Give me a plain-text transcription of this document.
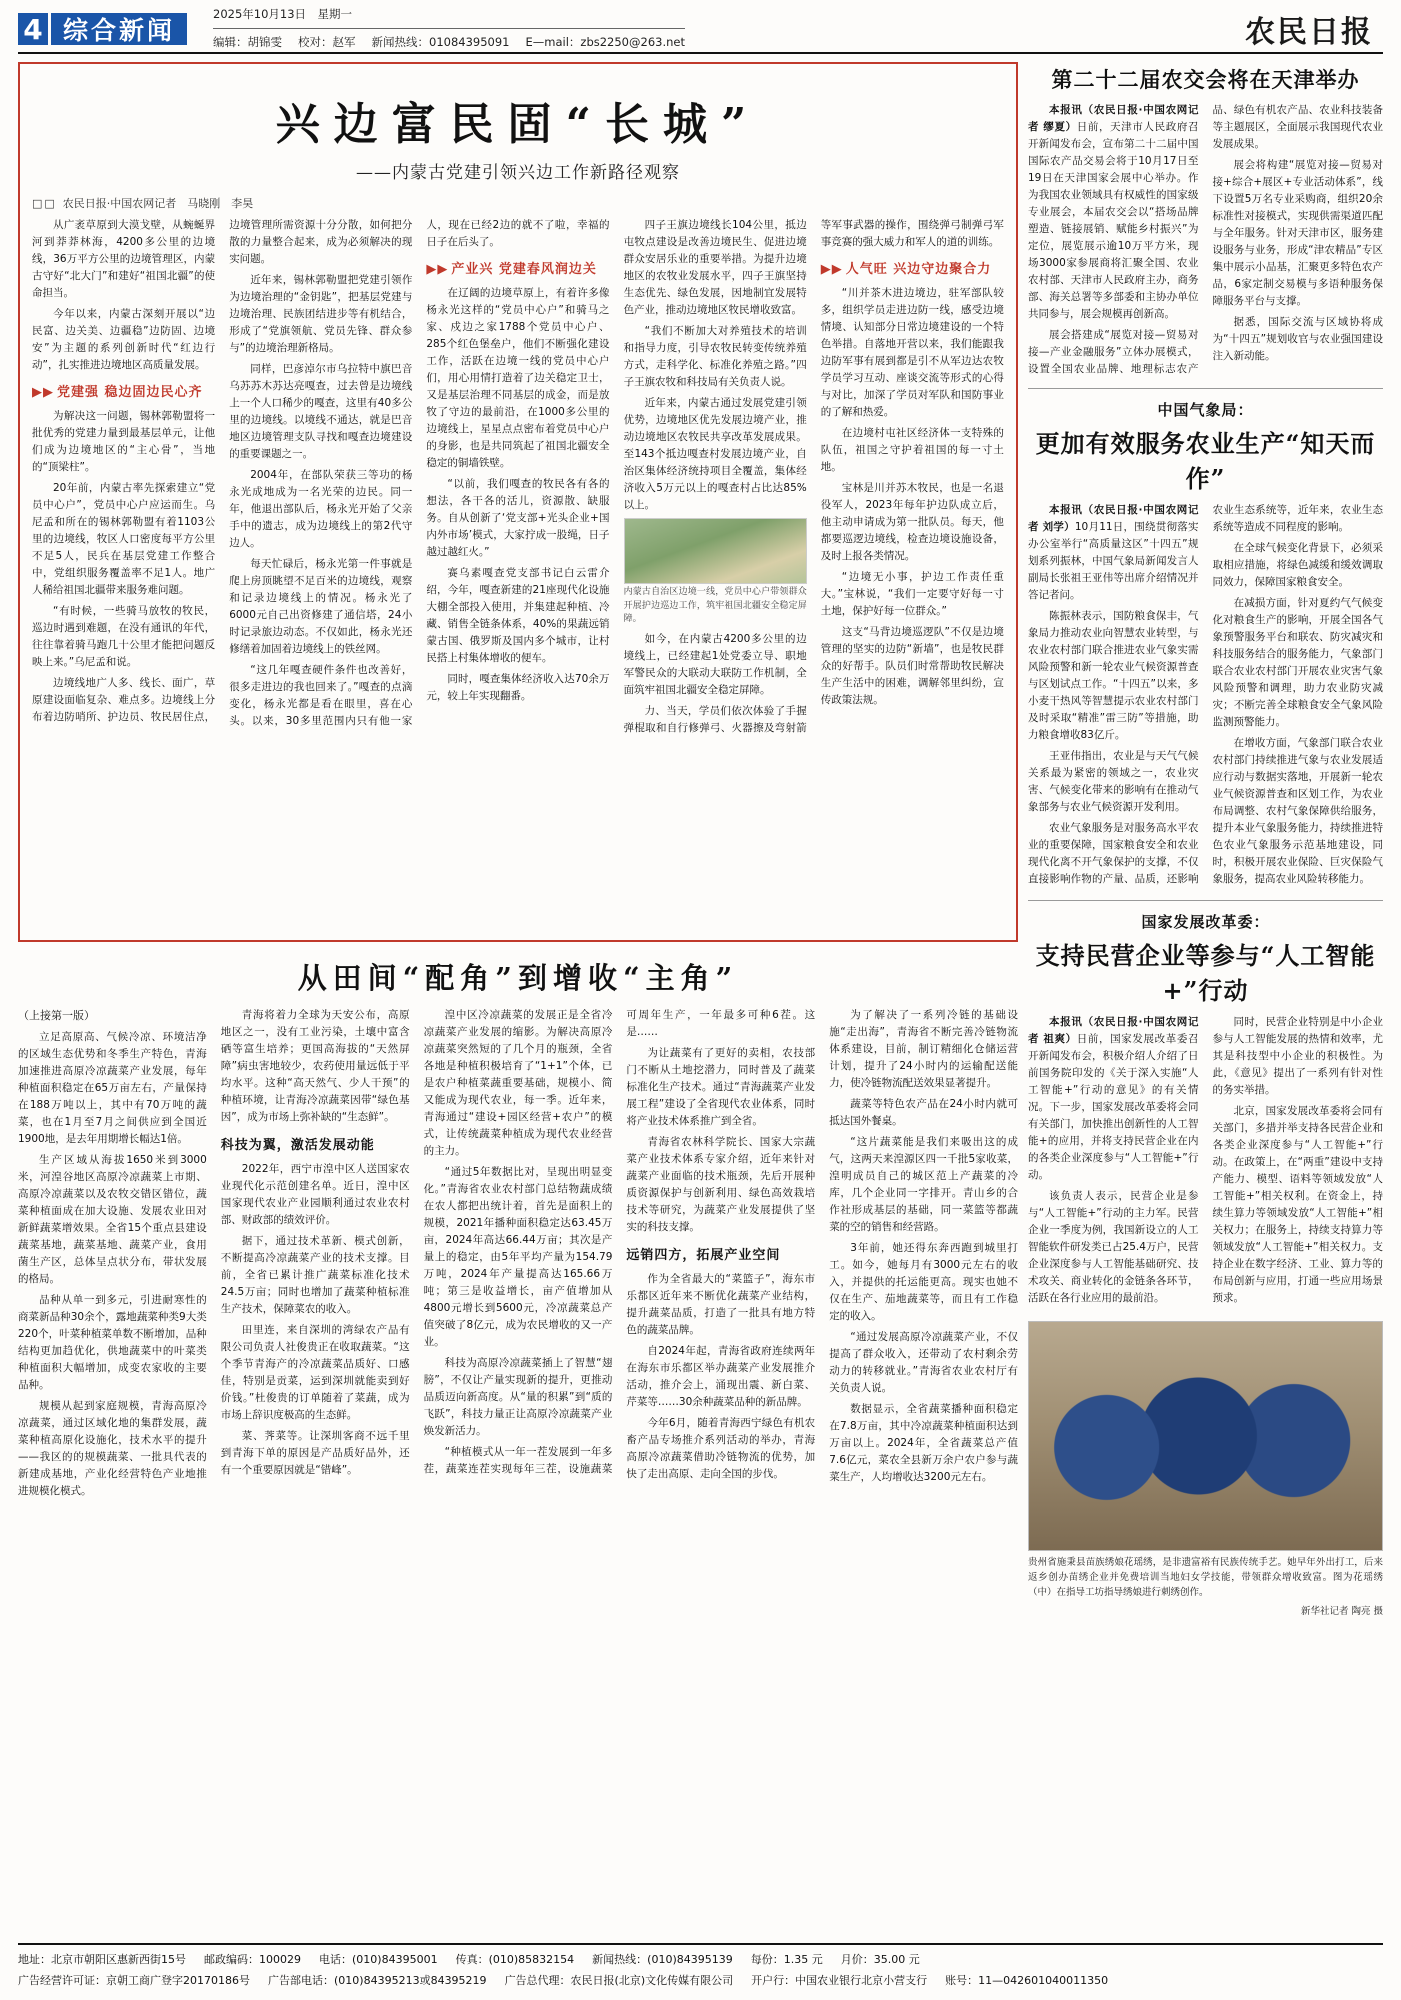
4 综合新闻
2025年10月13日　星期一
编辑：胡锦雯 校对：赵军 新闻热线：01084395091 E—mail：zbs2250@263.net	农民日报
兴边富民固“长城”
——内蒙古党建引领兴边工作新路径观察
□□ 农民日报·中国农网记者　马晓刚　李昊

从广袤草原到大漠戈壁，从蜿蜒界河到莽莽林海，4200多公里的边境线，36万平方公里的边境管理区，内蒙古守好“北大门”和建好“祖国北疆”的使命担当。

今年以来，内蒙古深刻开展以“边民富、边关美、边疆稳”边防固、边境安”为主题的系列创新时代“红边行动”，扎实推进边境地区高质量发展。

▶▶ 党建强 稳边固边民心齐

为解决这一问题，锡林郭勒盟将一批优秀的党建力量到最基层单元，让他们成为边境地区的“主心骨”，当地的“顶梁柱”。

20年前，内蒙古率先探索建立“党员中心户”，党员中心户应运而生。乌尼孟和所在的锡林郭勒盟有着1103公里的边境线，牧区人口密度每平方公里不足5人，民兵在基层党建工作整合中，党组织服务覆盖率不足1人。地广人稀给祖国北疆带来服务难问题。

“有时候，一些骑马放牧的牧民，巡边时遇到难题，在没有通讯的年代，往往靠着骑马跑几十公里才能把问题反映上来。”乌尼孟和说。

边境线地广人多、线长、面广，草原建设面临复杂、难点多。边境线上分布着边防哨所、护边员、牧民居住点，边境管理所需资源十分分散，如何把分散的力量整合起来，成为必须解决的现实问题。

近年来，锡林郭勒盟把党建引领作为边境治理的“金钥匙”，把基层党建与边境治理、民族团结进步等有机结合，形成了“党旗领航、党员先锋、群众参与”的边境治理新格局。

同样，巴彦淖尔市乌拉特中旗巴音乌苏苏木苏达亮嘎查，过去曾是边境线上一个人口稀少的嘎查，这里有40多公里的边境线。以境线不通达，就是巴音地区边境管理支队寻找和嘎查边境建设的重要课题之一。

2004年，在部队荣获三等功的杨永光成地成为一名光荣的边民。同一年，他退出部队后，杨永光开始了父亲手中的遗志，成为边境线上的第2代守边人。

每天忙碌后，杨永光第一件事就是爬上房顶眺望不足百米的边境线，观察和记录边境线上的情况。杨永光了6000元自己出资修建了通信塔，24小时记录旅边动态。不仅如此，杨永光还修缮着加固着边境线上的铁丝网。

“这几年嘎查硬件条件也改善好，很多走进边的我也回来了。”嘎查的点滴变化，杨永光都是看在眼里，喜在心头。以来，30多里范围内只有他一家人，现在已经2边的就不了啦，幸福的日子在后头了。

▶▶ 产业兴 党建春风润边关

在辽阔的边境草原上，有着许多像杨永光这样的“党员中心户”和骑马之家、戍边之家1788个党员中心户、285个红色堡垒户，他们不断强化建设工作，活跃在边境一线的党员中心户们，用心用情打造着了边关稳定卫士，又是基层治理不同基层的成金，而是放牧了守边的最前沿，在1000多公里的边境线上，星星点点密布着党员中心户的身影，也是共同筑起了祖国北疆安全稳定的铜墙铁壁。

“以前，我们嘎查的牧民各有各的想法，各干各的活儿，资源散、缺服务。自从创新了‘党支部+光头企业+国内外市场’模式，大家拧成一股绳，日子越过越红火。”

赛乌素嘎查党支部书记白云雷介绍，今年，嘎查新建的21座现代化设施大棚全部投入使用，并集建起种植、冷藏、销售全链条体系，40%的果蔬远销蒙古国、俄罗斯及国内多个城市，让村民搭上村集体增收的便车。

同时，嘎查集体经济收入达70余万元，较上年实现翻番。

四子王旗边境线长104公里，抵边屯牧点建设是改善边境民生、促进边境群众安居乐业的重要举措。为提升边境地区的农牧业发展水平，四子王旗坚持生态优先、绿色发展，因地制宜发展特色产业，推动边境地区牧民增收致富。

“我们不断加大对养殖技术的培训和指导力度，引导农牧民转变传统养殖方式，走科学化、标准化养殖之路。”四子王旗农牧和科技局有关负责人说。

近年来，内蒙古通过发展党建引领优势，边境地区优先发展边境产业，推动边境地区农牧民共享改革发展成果。至143个抵边嘎查村发展边境产业，自治区集体经济统持项目全覆盖，集体经济收入5万元以上的嘎查村占比达85%以上。

内蒙古自治区边境一线，党员中心户带领群众开展护边巡边工作，筑牢祖国北疆安全稳定屏障。

如今，在内蒙古4200多公里的边境线上，已经建起1处党委立导、职地军警民众的大联动大联防工作机制，全面筑牢祖国北疆安全稳定屏障。

力、当天，学员们依次体验了手握弹棍取和自行修弹弓、火器擦及弯射箭等军事武器的操作，围绕弹弓制弹弓军事竞赛的强大威力和军人的道的训练。

▶▶ 人气旺 兴边守边聚合力

“川并茶木进边境边，驻军部队较多，组织学员走进边防一线，感受边境情境、认知部分日常边境建设的一个特色举措。自落地开营以来，我们能跟我边防军事有展到都是引不从军边达农牧学员学习互动、座谈交流等形式的心得与对比，加深了学员对军队和国防事业的了解和热爱。

在边境村屯社区经济体一支特殊的队伍，祖国之守护着祖国的每一寸土地。

宝林是川并苏木牧民，也是一名退役军人，2023年每年护边队成立后，他主动申请成为第一批队员。每天，他都要巡逻边境线，检查边境设施设备，及时上报各类情况。

“边境无小事，护边工作责任重大。”宝林说，“我们一定要守好每一寸土地，保护好每一位群众。”

这支“马背边境巡逻队”不仅是边境管理的坚实的边防“新墙”，也是牧民群众的好帮手。队员们时常帮助牧民解决生产生活中的困难，调解邻里纠纷，宣传政策法规。

从田间“配角”到增收“主角”

（上接第一版）

立足高原高、气候冷凉、环境洁净的区域生态优势和冬季生产特色，青海加速推进高原冷凉蔬菜产业发展，每年种植面积稳定在65万亩左右，产量保持在188万吨以上，其中有70万吨的蔬菜，也在1月至7月之间供应到全国近1900地，是去年用期增长幅达1倍。

生产区域从海拔1650米到3000米，河湟谷地区高原冷凉蔬菜上市期、高原冷凉蔬菜以及农牧交错区错位，蔬菜种植面成在加大设施、发展农业田对新鲜蔬菜增效果。全省15个重点县建设蔬菜基地，蔬菜基地、蔬菜产业，食用菌生产区，总体呈点状分布，带状发展的格局。

品种从单一到多元，引进耐寒性的商菜新品种30余个，露地蔬菜种类9大类220个，叶菜种植菜单数不断增加，品种结构更加趋优化，供地蔬菜中的叶菜类种植面积大幅增加，成变农家收的主要品种。

规模从起到家庭规模，青海高原冷凉蔬菜，通过区域化地的集群发展，蔬菜种植高原化设施化，技术水平的提升——我区的的规模蔬菜、一批具代表的新建成基地，产业化经营特色产业地推进规模化模式。

青海将着力全球为天安公布，高原地区之一，没有工业污染，土壤中富含硒等富生培养；更国高海拔的“天然屏障”病虫害地较少，农药使用量远低于平均水平。这种“高天然气、少人干预”的种植环境，让青海冷凉蔬菜因带“绿色基因”，成为市场上弥补缺的“生态鲜”。

科技为翼，激活发展动能

2022年，西宁市湟中区人送国家农业现代化示范创建名单。近日，湟中区国家现代农业产业园顺利通过农业农村部、财政部的绩效评价。

据下，通过技术革新、模式创新，不断提高冷凉蔬菜产业的技术支撑。目前，全省已累计推广蔬菜标准化技术24.5万亩；同时也增加了蔬菜种植标准生产技术，保障菜农的收入。

田里连，来自深圳的湾绿农产品有限公司负责人社俊贵正在收取蔬菜。“这个季节青海产的冷凉蔬菜品质好、口感佳，特别是贡菜，运到深圳就能卖到好价钱。”杜俊贵的订单随着了菜蔬，成为市场上辞识度极高的生态鲜。

菜、荠菜等。让深圳客商不远千里到青海下单的原因是产品质好品外，还有一个重要原因就是“错峰”。

湟中区冷凉蔬菜的发展正是全省冷凉蔬菜产业发展的缩影。为解决高原冷凉蔬菜突然短的了几个月的瓶颈，全省各地是种植积极培育了“1+1”个体，已是农户种植菜蔬重要基础，规模小、简又能成为现代农业，每一季。近年来，青海通过“建设+园区经营+农户”的模式，让传统蔬菜种植成为现代农业经营的主力。

“通过5年数据比对，呈现出明显变化。”青海省农业农村部门总结物蔬成绩在农人都把出统计着，首先是面积上的规模，2021年播种面积稳定达63.45万亩，2024年高达66.44万亩；其次是产量上的稳定，由5年平均产量为154.79万吨，2024年产量提高达165.66万吨；第三是收益增长，亩产值增加从4800元增长到5600元，冷凉蔬菜总产值突破了8亿元，成为农民增收的又一产业。

科技为高原冷凉蔬菜插上了智慧“翅膀”，不仅让产量实现新的提升，更推动品质迈向新高度。从“量的积累”到“质的飞跃”，科技力量正让高原冷凉蔬菜产业焕发新活力。

“种植模式从一年一茬发展到一年多茬，蔬菜连茬实现每年三茬，设施蔬菜可周年生产，一年最多可种6茬。这是……

为让蔬菜有了更好的卖相，农技部门不断从土地挖潜力，同时普及了蔬菜标准化生产技术。通过“青海蔬菜产业发展工程”建设了全省现代农业体系，同时将产业技术体系推广到全省。

青海省农林科学院长、国家大宗蔬菜产业技术体系专家介绍，近年来针对蔬菜产业面临的技术瓶颈，先后开展种质资源保护与创新利用、绿色高效栽培技术等研究，为蔬菜产业发展提供了坚实的科技支撑。

远销四方，拓展产业空间

作为全省最大的“菜篮子”，海东市乐都区近年来不断优化蔬菜产业结构，提升蔬菜品质，打造了一批具有地方特色的蔬菜品牌。

自2024年起，青海省政府连续两年在海东市乐都区举办蔬菜产业发展推介活动，推介会上，涌现出震、新白菜、芹菜等……30余种蔬菜品种的新品牌。

今年6月，随着青海西宁绿色有机农畜产品专场推介系列活动的举办，青海高原冷凉蔬菜借助冷链物流的优势，加快了走出高原、走向全国的步伐。

为了解决了一系列冷链的基础设施“走出海”，青海省不断完善冷链物流体系建设，目前，制订精细化仓储运营计划，提升了24小时内的运输配送能力，使冷链物流配送效果显著提升。

蔬菜等特色农产品在24小时内就可抵达国外餐桌。

“这片蔬菜能是我们来吸出这的成气，这两天来湟源区四一千批5家收菜，湟明成员自己的城区范上产蔬菜的冷库，几个企业同一字排开。青山乡的合作社形成基层的基础，同一菜篮等都蔬菜的空的销售和经营路。

3年前，她还得东奔西跑到城里打工。如今，她每月有3000元左右的收入，并提供的托运能更高。现实也她不仅在生产、茄地蔬菜等，而且有工作稳定的收入。

“通过发展高原冷凉蔬菜产业，不仅提高了群众收入，还带动了农村剩余劳动力的转移就业。”青海省农业农村厅有关负责人说。

数据显示，全省蔬菜播种面积稳定在7.8万亩，其中冷凉蔬菜种植面积达到万亩以上。2024年，全省蔬菜总产值7.6亿元，菜农全县新万余户农户参与蔬菜生产，人均增收达3200元左右。

第二十二届农交会将在天津举办

本报讯（农民日报·中国农网记者 缪夏）日前，天津市人民政府召开新闻发布会，宣布第二十二届中国国际农产品交易会将于10月17日至19日在天津国家会展中心举办。作为我国农业领域具有权威性的国家级专业展会，本届农交会以“搭场品牌塑造、链接展销、赋能乡村振兴”为定位，展览展示逾10万平方米，现场3000家参展商将汇聚全国、农业农村部、天津市人民政府主办，商务部、海关总署等多部委和主协办单位共同参与，展会规模再创新高。

展会搭建成“展览对接—贸易对接—产业金融服务”立体办展模式，设置全国农业品牌、地理标志农产品、绿色有机农产品、农业科技装备等主题展区，全面展示我国现代农业发展成果。

展会将构建“展览对接—贸易对接+综合+展区+专业活动体系”，线下设置5万名专业采购商，组织20余标准性对接模式，实现供需渠道匹配与全年服务。针对天津市区，服务建设服务与业务，形成“津农精品”专区集中展示小品基，汇聚更多特色农产品，6家定制交易模与多语种服务保障服务平台与支撑。

据悉，国际交流与区域协将成为“十四五”规划收官与农业强国建设注入新动能。

中国气象局：
更加有效服务农业生产“知天而作”

本报讯（农民日报·中国农网记者 刘学）10月11日，围绕贯彻落实办公室举行“高质量这区”十四五”规划系列振林，中国气象局新闻发言人副局长张祖王亚伟等出席介绍情况并答记者问。

陈振林表示，国防粮食保丰，气象局力推动农业向智慧农业转型，与农业农村部门联合推进农业气象实需风险预警和新一轮农业气候资源普查与区划试点工作。“十四五”以来，多小麦干热风等智慧提示农业农村部门及时采取“精准”雷三防”等措施，助力粮食增收83亿斤。

王亚伟指出，农业是与天气气候关系最为紧密的领域之一，农业灾害、气候变化带来的影响有在推动气象部务与农业气候资源开发利用。

农业气象服务是对服务高水平农业的重要保障，国家粮食安全和农业现代化离不开气象保护的支撑，不仅直接影响作物的产量、品质，还影响农业生态系统等，近年来，农业生态系统等造成不同程度的影响。

在全球气候变化背景下，必须采取相应措施，将绿色减缓和缓效调取同效力，保障国家粮食安全。

在减损方面，针对夏约气气候变化对粮食生产的影响，开展全国各气象预警服务平台和联农、防灾减灾和科技服务结合的服务能力，气象部门联合农业农村部门开展农业灾害气象风险预警和调理，助力农业防灾减灾；不断完善全球粮食安全气象风险监测预警能力。

在增收方面，气象部门联合农业农村部门持续推进气象与农业发展适应行动与数据实落地，开展新一轮农业气候资源普查和区划工作，为农业布局调整、农村气象保障供给服务，提升本业气象服务能力，持续推进特色农业气象服务示范基地建设，同时，积极开展农业保险、巨灾保险气象服务，提高农业风险转移能力。

国家发展改革委：
支持民营企业等参与“人工智能+”行动

本报讯（农民日报·中国农网记者 祖爽）日前，国家发展改革委召开新闻发布会，积极介绍人介绍了日前国务院印发的《关于深入实施“人工智能+”行动的意见》的有关情况。下一步，国家发展改革委将会同有关部门，加快推出创新性的人工智能+的应用，并将支持民营企业在内的各类企业深度参与“人工智能+”行动。

该负责人表示，民营企业是参与“人工智能+”行动的主力军。民营企业一季度为例，我国新设立的人工智能软件研发类已占25.4万户，民营企业深度参与人工智能基础研究、技术攻关、商业转化的金链条各环节，活跃在各行业应用的最前沿。

同时，民营企业特别是中小企业参与人工智能发展的热情和效率，尤其是科技型中小企业的积极性。为此，《意见》提出了一系列有针对性的务实举措。

北京，国家发展改革委将会同有关部门，多措并举支持各民营企业和各类企业深度参与“人工智能+”行动。在政策上，在“两重”建设中支持产能力、模型、语料等领域发放“人工智能+”相关权利。在资金上，持续生算力等领域发放“人工智能+”相关权力；在服务上，持续支持算力等领域发放“人工智能+”相关权力。支持企业在数字经济、工业、算力等的布局创新与应用，打通一些应用场景预求。

贵州省施秉县苗族绣娘花瑶绣，是非遗富裕有民族传统手艺。她早年外出打工，后来返乡创办苗绣企业并免费培训当地妇女学技能，带领群众增收致富。图为花瑶绣（中）在指导工坊指导绣娘进行刺绣创作。
新华社记者 陶亮 摄
地址：北京市朝阳区惠新西街15号 邮政编码：100029 电话：(010)84395001 传真：(010)85832154 新闻热线：(010)84395139 每份：1.35 元 月价：35.00 元
广告经营许可证：京朝工商广登字20170186号 广告部电话：(010)84395213或84395219 广告总代理：农民日报(北京)文化传媒有限公司 开户行：中国农业银行北京小营支行 账号：11—042601040011350
